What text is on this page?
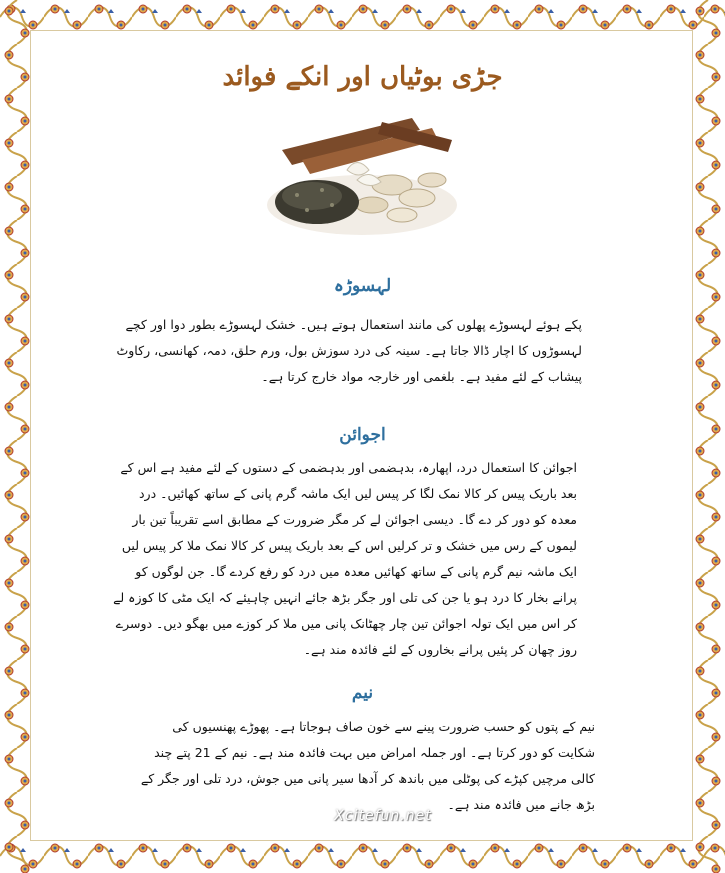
جڑی بوٹیاں اور انکے فوائد
لہسوڑہ
پکے ہوئے لہسوڑے پھلوں کی مانند استعمال ہوتے ہیں۔ خشک لہسوڑے بطور دوا اور کچے لہسوڑوں کا اچار ڈالا جاتا ہے۔ سینہ کی درد سوزش بول، ورم حلق، دمہ، کھانسی، رکاوٹ پیشاب کے لئے مفید ہے۔ بلغمی اور خارجہ مواد خارج کرتا ہے۔
اجوائن
اجوائن کا استعمال درد، اپھارہ، بدہضمی اور بدہضمی کے دستوں کے لئے مفید ہے اس کے بعد باریک پیس کر کالا نمک لگا کر پیس لیں ایک ماشہ گرم پانی کے ساتھ کھائیں۔ درد معدہ کو دور کر دے گا۔ دیسی اجوائن لے کر مگر ضرورت کے مطابق اسے تقریباً تین بار لیموں کے رس میں خشک و تر کرلیں اس کے بعد باریک پیس کر کالا نمک ملا کر پیس لیں ایک ماشہ نیم گرم پانی کے ساتھ کھائیں معدہ میں درد کو رفع کردے گا۔ جن لوگوں کو پرانے بخار کا درد ہو یا جن کی تلی اور جگر بڑھ جائے انہیں چاہیئے کہ ایک مٹی کا کوزہ لے کر اس میں ایک تولہ اجوائن تین چار چھٹانک پانی میں ملا کر کوزے میں بھگو دیں۔ دوسرے روز چھان کر پئیں پرانے بخاروں کے لئے فائدہ مند ہے۔
نیم
نیم کے پتوں کو حسب ضرورت پینے سے خون صاف ہوجاتا ہے۔ پھوڑے پھنسیوں کی شکایت کو دور کرتا ہے۔ اور جملہ امراض میں بہت فائدہ مند ہے۔ نیم کے 21 پتے چند کالی مرچیں کپڑے کی پوٹلی میں باندھ کر آدھا سیر پانی میں جوش، درد تلی اور جگر کے بڑھ جانے میں فائدہ مند ہے۔
Xcitefun.net
